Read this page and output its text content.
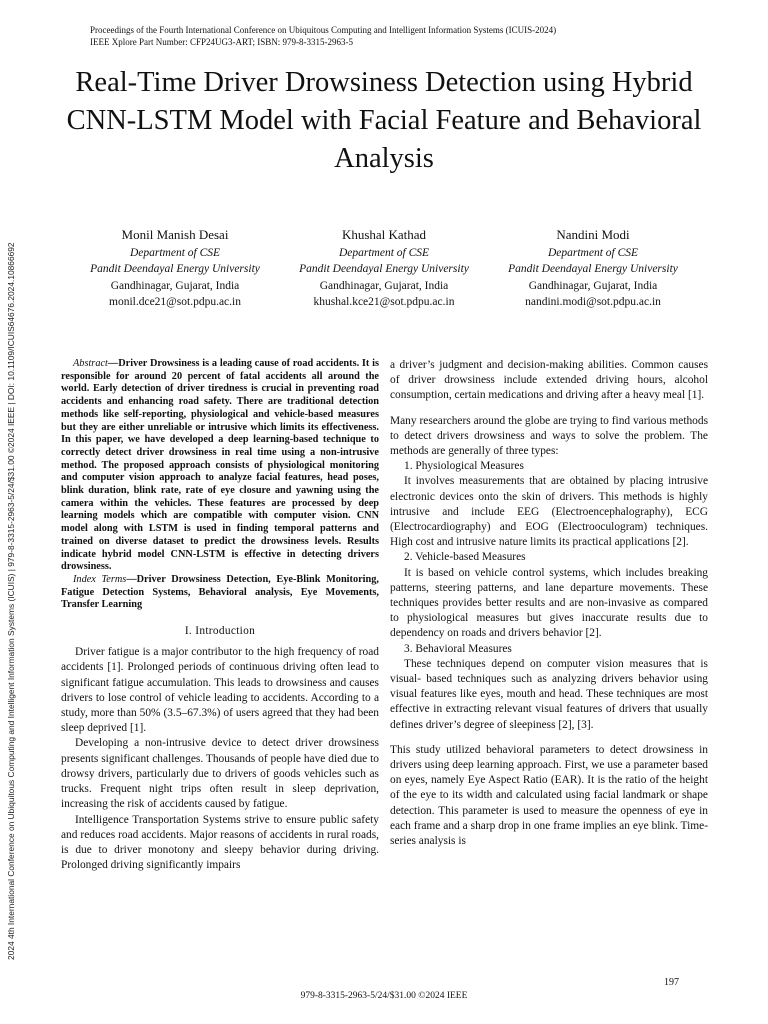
Proceedings of the Fourth International Conference on Ubiquitous Computing and Intelligent Information Systems (ICUIS-2024)
IEEE Xplore Part Number: CFP24UG3-ART; ISBN: 979-8-3315-2963-5
2024 4th International Conference on Ubiquitous Computing and Intelligent Information Systems (ICUIS) | 979-8-3315-2963-5/24/$31.00 ©2024 IEEE | DOI: 10.1109/ICUIS64676.2024.10866692
Real-Time Driver Drowsiness Detection using Hybrid CNN-LSTM Model with Facial Feature and Behavioral Analysis
Monil Manish Desai
Department of CSE
Pandit Deendayal Energy University
Gandhinagar, Gujarat, India
monil.dce21@sot.pdpu.ac.in
Khushal Kathad
Department of CSE
Pandit Deendayal Energy University
Gandhinagar, Gujarat, India
khushal.kce21@sot.pdpu.ac.in
Nandini Modi
Department of CSE
Pandit Deendayal Energy University
Gandhinagar, Gujarat, India
nandini.modi@sot.pdpu.ac.in

Abstract—Driver Drowsiness is a leading cause of road accidents. It is responsible for around 20 percent of fatal accidents all around the world. Early detection of driver tiredness is crucial in preventing road accidents and enhancing road safety. There are traditional detection methods like self-reporting, physiological and vehicle-based measures but they are either unreliable or intrusive which limits its effectiveness. In this paper, we have developed a deep learning-based technique to correctly detect driver drowsiness in real time using a non-intrusive method. The proposed approach consists of physiological monitoring and computer vision approach to analyze facial features, head poses, blink duration, blink rate, rate of eye closure and yawning using the camera within the vehicles. These features are processed by deep learning models which are compatible with computer vision. CNN model along with LSTM is used in finding temporal patterns and trained on diverse dataset to predict the drowsiness levels. Results indicate hybrid model CNN-LSTM is effective in detecting drivers drowsiness.

Index Terms—Driver Drowsiness Detection, Eye-Blink Monitoring, Fatigue Detection Systems, Behavioral analysis, Eye Movements, Transfer Learning

I. Introduction

Driver fatigue is a major contributor to the high frequency of road accidents [1]. Prolonged periods of continuous driving often lead to significant fatigue accumulation. This leads to drowsiness and causes drivers to lose control of vehicle leading to accidents. According to a study, more than 50% (3.5–67.3%) of users agreed that they had been sleep deprived [1].

Developing a non-intrusive device to detect driver drowsiness presents significant challenges. Thousands of people have died due to drowsy drivers, particularly due to drivers of goods vehicles such as trucks. Frequent night trips often result in sleep deprivation, increasing the risk of accidents caused by fatigue.

Intelligence Transportation Systems strive to ensure public safety and reduces road accidents. Major reasons of accidents in rural roads, is due to driver monotony and sleepy behavior during driving. Prolonged driving significantly impairs

a driver’s judgment and decision-making abilities. Common causes of driver drowsiness include extended driving hours, alcohol consumption, certain medications and driving after a heavy meal [1].

Many researchers around the globe are trying to find various methods to detect drivers drowsiness and ways to solve the problem. The methods are generally of three types:

1. Physiological Measures

It involves measurements that are obtained by placing intrusive electronic devices onto the skin of drivers. This methods is highly intrusive and include EEG (Electroencephalography), ECG (Electrocardiography) and EOG (Electrooculogram) techniques. High cost and intrusive nature limits its practical applications [2].

2. Vehicle-based Measures

It is based on vehicle control systems, which includes breaking patterns, steering patterns, and lane departure movements. These techniques provides better results and are non-invasive as compared to physiological measures but gives inaccurate results due to dependency on roads and drivers behavior [2].

3. Behavioral Measures

These techniques depend on computer vision measures that is visual- based techniques such as analyzing drivers behavior using visual features like eyes, mouth and head. These techniques are most effective in extracting relevant visual features of drivers that usually defines driver’s degree of sleepiness [2], [3].

This study utilized behavioral parameters to detect drowsiness in drivers using deep learning approach. First, we use a parameter based on eyes, namely Eye Aspect Ratio (EAR). It is the ratio of the height of the eye to its width and calculated using facial landmark or shape detection. This parameter is used to measure the openness of eye in each frame and a sharp drop in one frame implies an eye blink. Time-series analysis is

197
979-8-3315-2963-5/24/$31.00 ©2024 IEEE
